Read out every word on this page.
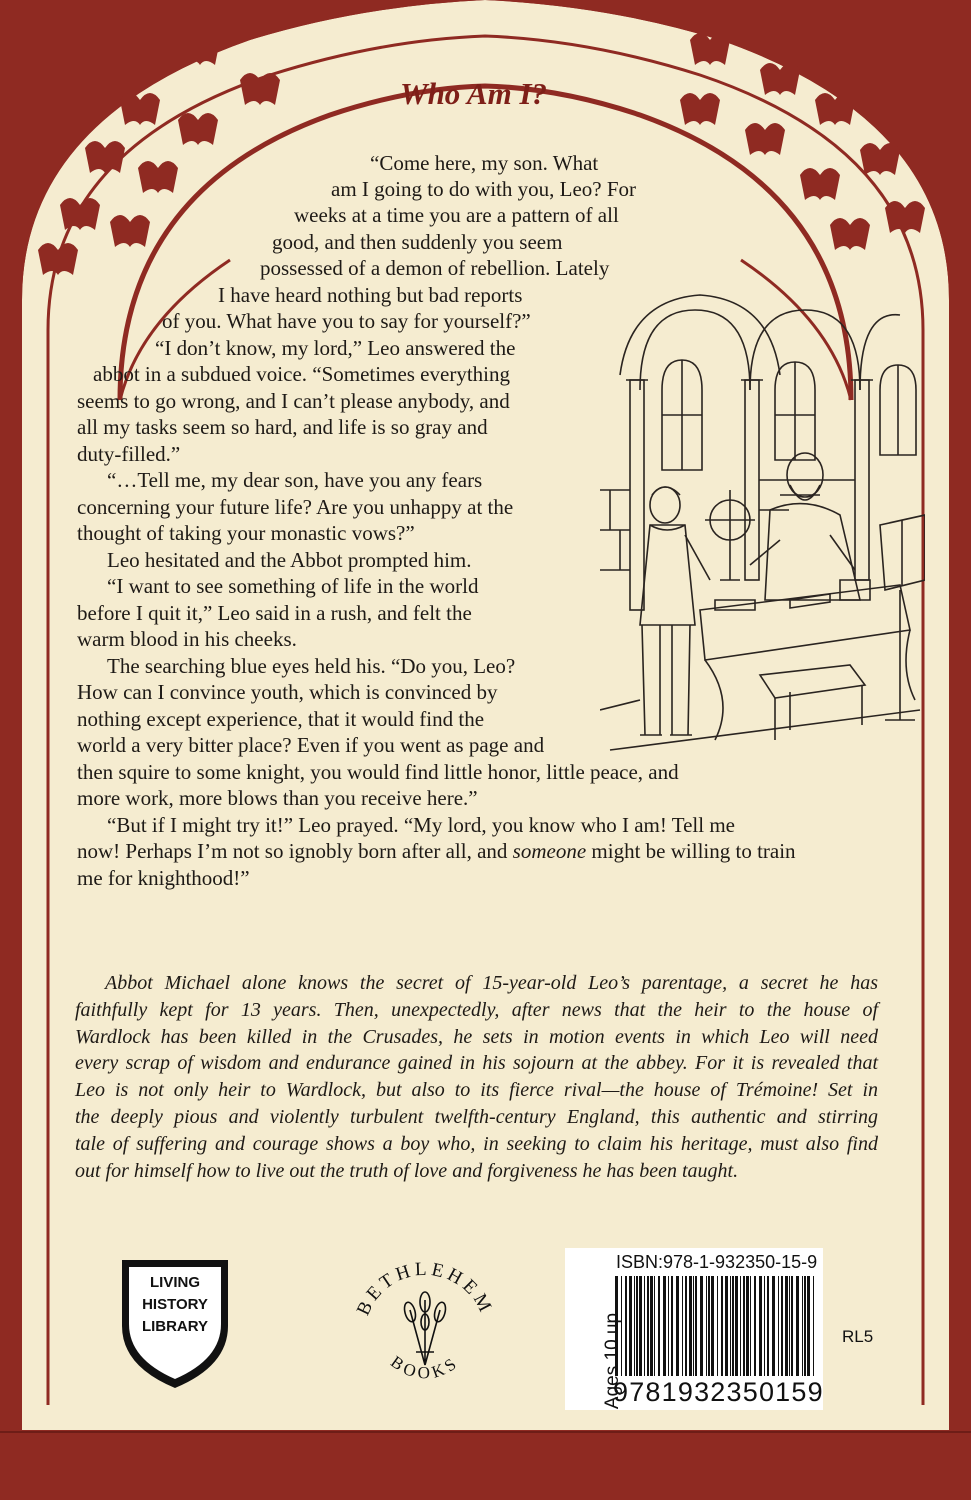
Who Am I?
“Come here, my son. What
am I going to do with you, Leo? For
weeks at a time you are a pattern of all
good, and then suddenly you seem
possessed of a demon of rebellion. Lately
I have heard nothing but bad reports
of you. What have you to say for yourself?”
“I don’t know, my lord,” Leo answered the
abbot in a subdued voice. “Sometimes everything
seems to go wrong, and I can’t please anybody, and
all my tasks seem so hard, and life is so gray and
duty-filled.”
“…Tell me, my dear son, have you any fears
concerning your future life? Are you unhappy at the
thought of taking your monastic vows?”
Leo hesitated and the Abbot prompted him.
“I want to see something of life in the world
before I quit it,” Leo said in a rush, and felt the
warm blood in his cheeks.
The searching blue eyes held his. “Do you, Leo?
How can I convince youth, which is convinced by
nothing except experience, that it would find the
world a very bitter place? Even if you went as page and
then squire to some knight, you would find little honor, little peace, and
more work, more blows than you receive here.”
“But if I might try it!” Leo prayed. “My lord, you know who I am! Tell me
now! Perhaps I’m not so ignobly born after all, and someone might be willing to train
me for knighthood!”
Abbot Michael alone knows the secret of 15-year-old Leo’s parentage, a secret he has
faithfully kept for 13 years. Then, unexpectedly, after news that the heir to the house of
Wardlock has been killed in the Crusades, he sets in motion events in which Leo will need
every scrap of wisdom and endurance gained in his sojourn at the abbey. For it is revealed that
Leo is not only heir to Wardlock, but also to its fierce rival—the house of Trémoine! Set in
the deeply pious and violently turbulent twelfth-century England, this authentic and stirring
tale of suffering and courage shows a boy who, in seeking to claim his heritage, must also find
out for himself how to live out the truth of love and forgiveness he has been taught.
LIVING
HISTORY
LIBRARY
BETHLEHEM
BOOKS
ISBN:978-1-932350-15-9
Ages 10 up
9781932350159
RL5
